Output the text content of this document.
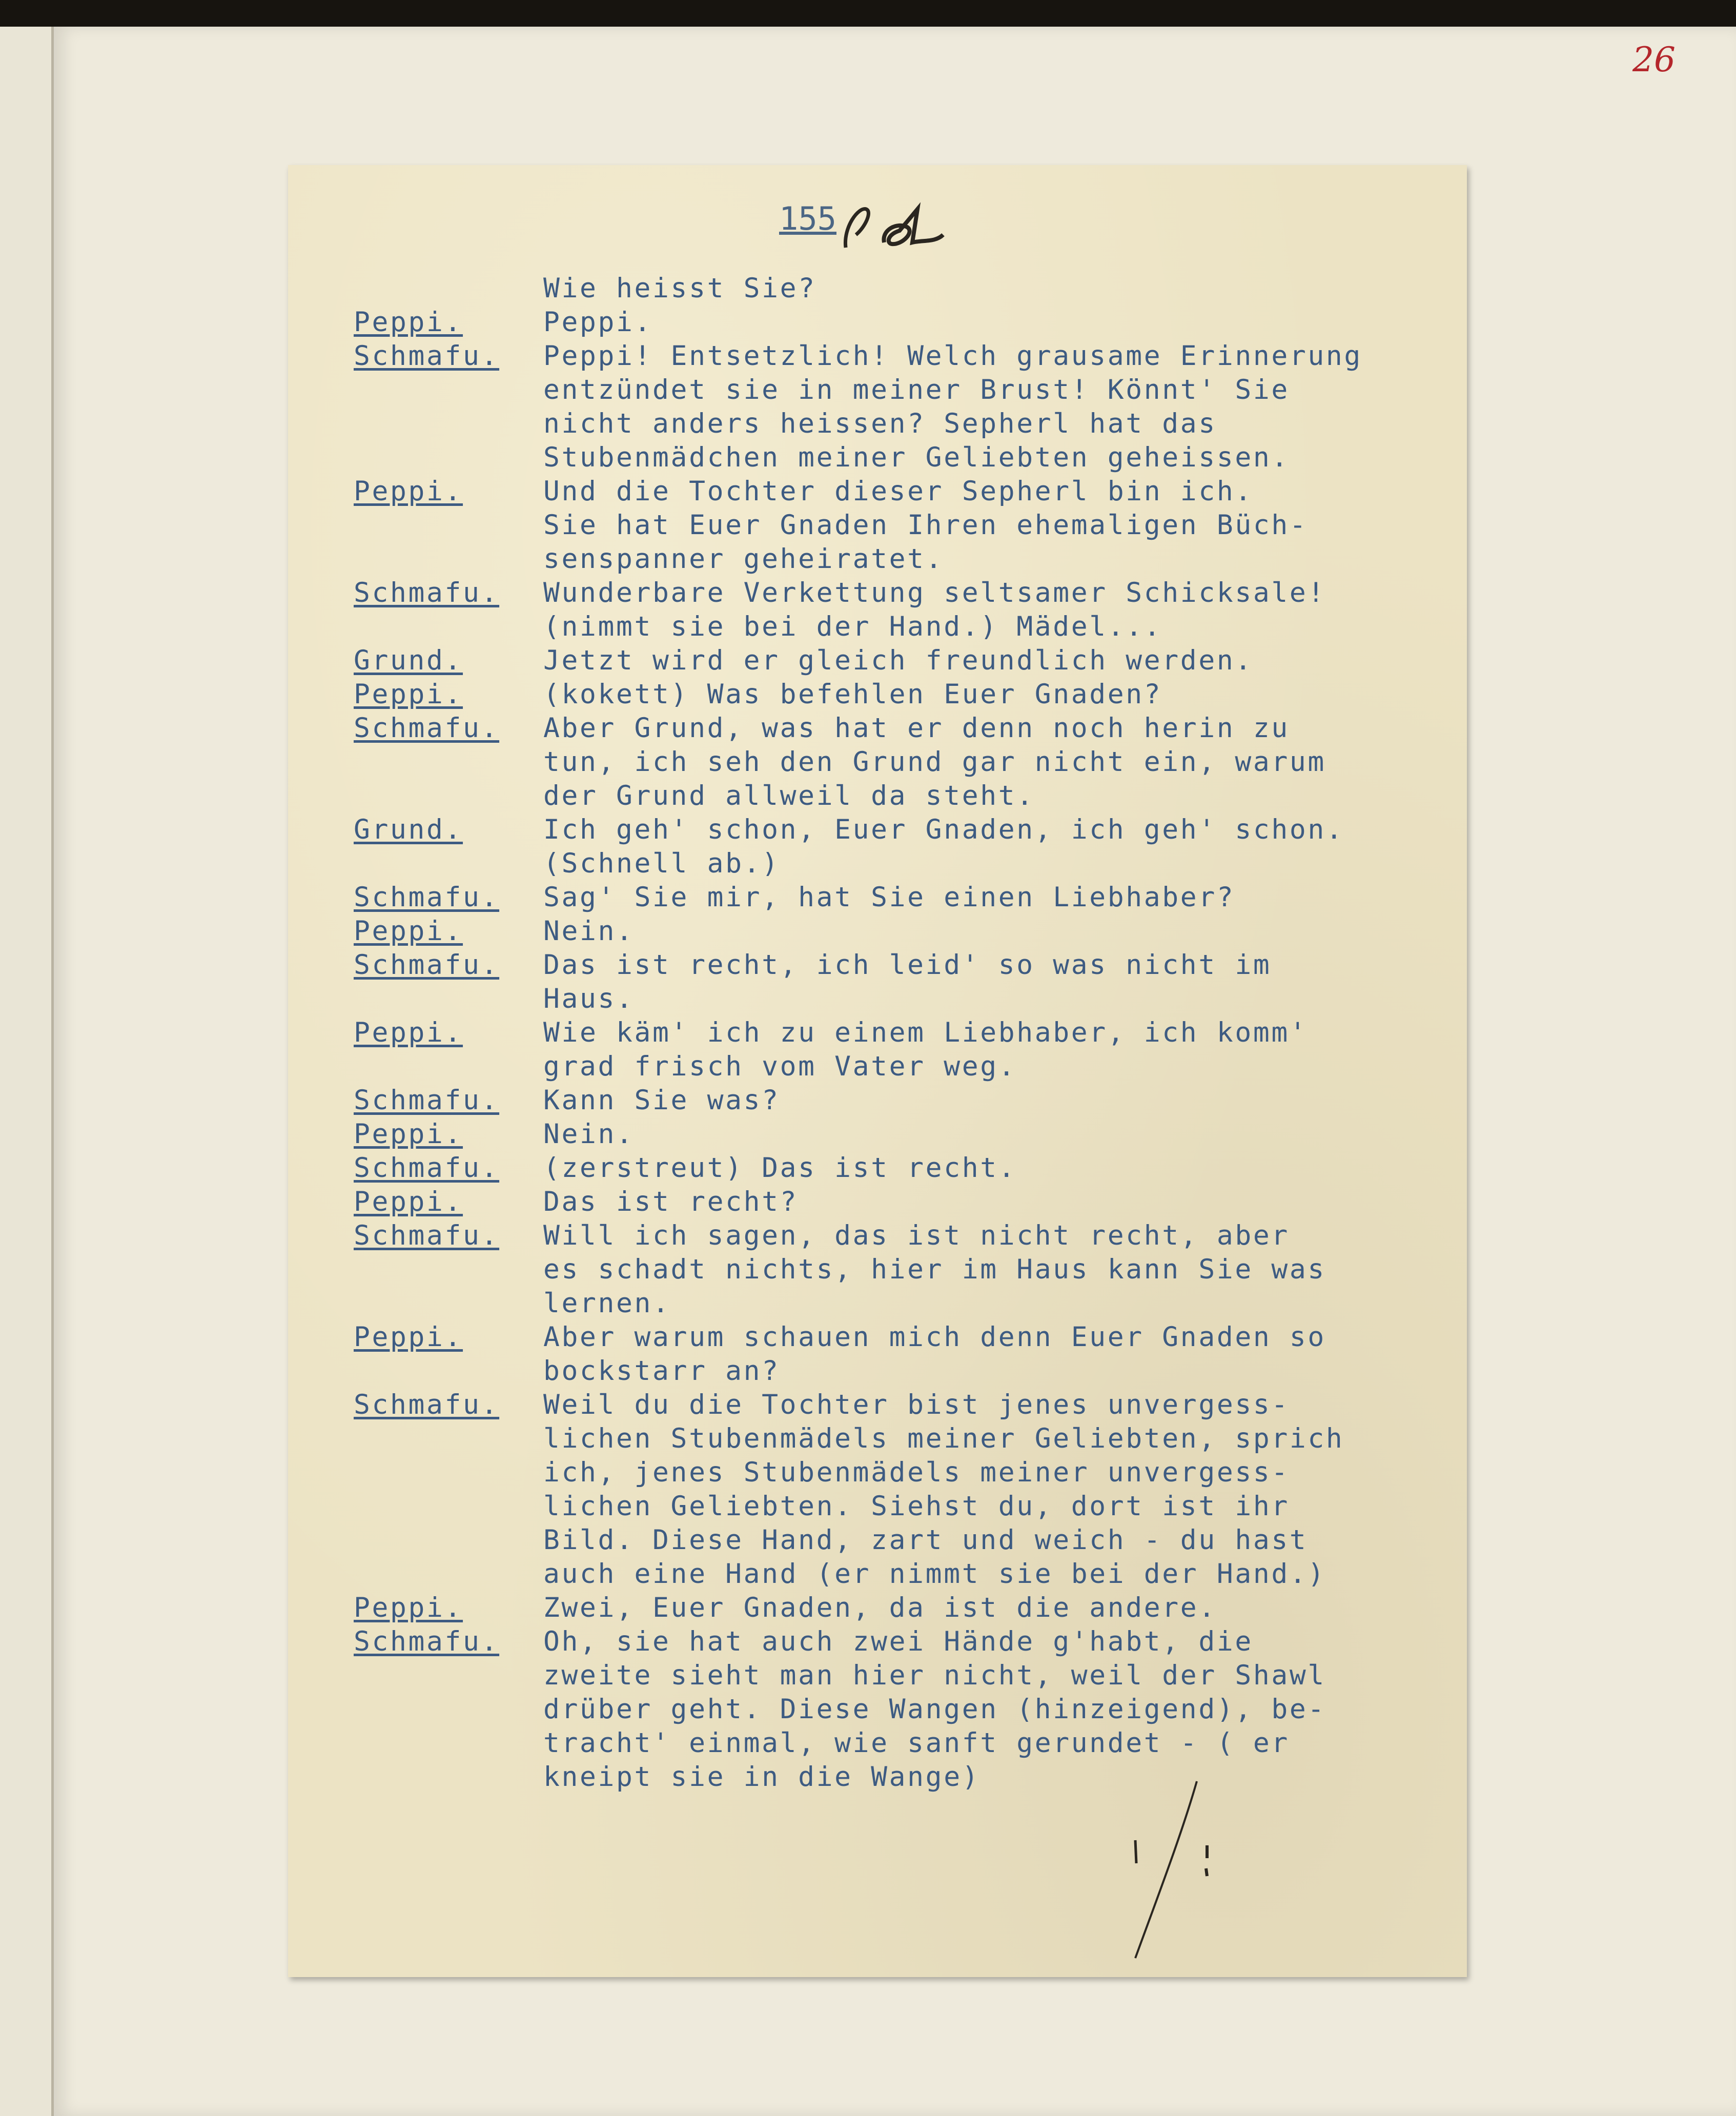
26
155
Wie heisst Sie?
Peppi.	Peppi.
Schmafu.	Peppi! Entsetzlich! Welch grausame Erinnerung
entzündet sie in meiner Brust! Könnt' Sie
nicht anders heissen? Sepherl hat das
Stubenmädchen meiner Geliebten geheissen.
Peppi.	Und die Tochter dieser Sepherl bin ich.
Sie hat Euer Gnaden Ihren ehemaligen Büch-
senspanner geheiratet.
Schmafu.	Wunderbare Verkettung seltsamer Schicksale!
(nimmt sie bei der Hand.) Mädel...
Grund.	Jetzt wird er gleich freundlich werden.
Peppi.	(kokett) Was befehlen Euer Gnaden?
Schmafu.	Aber Grund, was hat er denn noch herin zu
tun, ich seh den Grund gar nicht ein, warum
der Grund allweil da steht.
Grund.	Ich geh' schon, Euer Gnaden, ich geh' schon.
(Schnell ab.)
Schmafu.	Sag' Sie mir, hat Sie einen Liebhaber?
Peppi.	Nein.
Schmafu.	Das ist recht, ich leid' so was nicht im
Haus.
Peppi.	Wie käm' ich zu einem Liebhaber, ich komm'
grad frisch vom Vater weg.
Schmafu.	Kann Sie was?
Peppi.	Nein.
Schmafu.	(zerstreut) Das ist recht.
Peppi.	Das ist recht?
Schmafu.	Will ich sagen, das ist nicht recht, aber
es schadt nichts, hier im Haus kann Sie was
lernen.
Peppi.	Aber warum schauen mich denn Euer Gnaden so
bockstarr an?
Schmafu.	Weil du die Tochter bist jenes unvergess-
lichen Stubenmädels meiner Geliebten, sprich
ich, jenes Stubenmädels meiner unvergess-
lichen Geliebten. Siehst du, dort ist ihr
Bild. Diese Hand, zart und weich - du hast
auch eine Hand (er nimmt sie bei der Hand.)
Peppi.	Zwei, Euer Gnaden, da ist die andere.
Schmafu.	Oh, sie hat auch zwei Hände g'habt, die
zweite sieht man hier nicht, weil der Shawl
drüber geht. Diese Wangen (hinzeigend), be-
tracht' einmal, wie sanft gerundet - ( er
kneipt sie in die Wange)
